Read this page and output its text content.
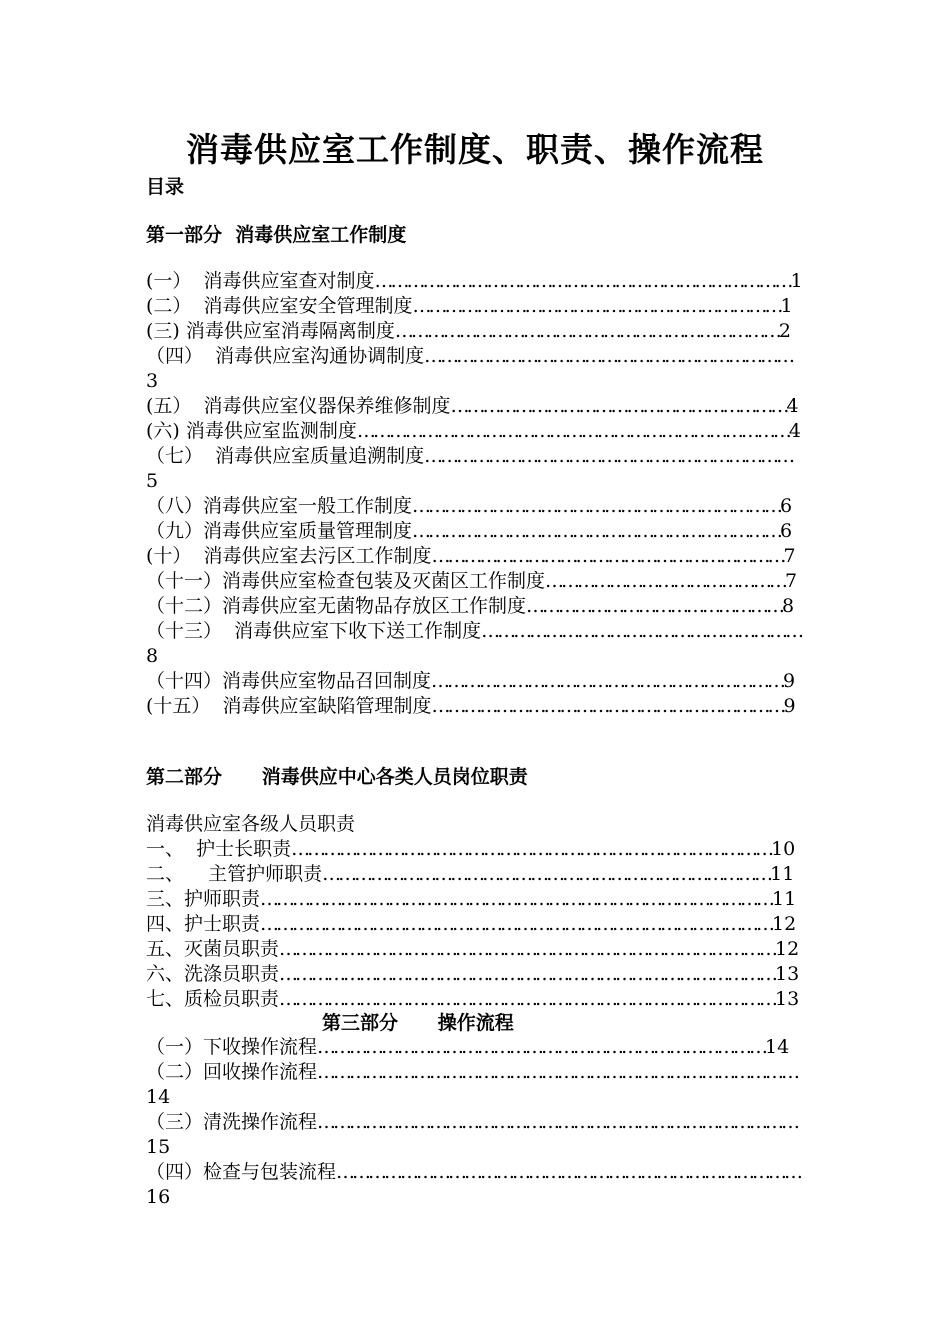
消毒供应室工作制度、职责、操作流程
目录
第一部分  消毒供应室工作制度
(一）  消毒供应室查对制度……………………………………………………………………1
(二）  消毒供应室安全管理制度……………………………………………………………1
(三) 消毒供应室消毒隔离制度………………………………………………………………2
（四）  消毒供应室沟通协调制度……………………………………………………………
3
(五）  消毒供应室仪器保养维修制度………………………………………………………4
(六) 消毒供应室监测制度………………………………………………………………………4
（七）  消毒供应室质量追溯制度……………………………………………………………
5
（八）消毒供应室一般工作制度……………………………………………………………6
（九）消毒供应室质量管理制度……………………………………………………………6
(十）  消毒供应室去污区工作制度…………………………………………………………7
（十一）消毒供应室检查包装及灭菌区工作制度………………………………………7
（十二）消毒供应室无菌物品存放区工作制度…………………………………………8
（十三）  消毒供应室下收下送工作制度……………………………………………………
8
（十四）消毒供应室物品召回制度…………………………………………………………9
(十五）  消毒供应室缺陷管理制度…………………………………………………………9
第二部分      消毒供应中心各类人员岗位职责
消毒供应室各级人员职责
一、  护士长职责………………………………………………………………………………10
二、    主管护师职责…………………………………………………………………………11
三、护师职责……………………………………………………………………………………11
四、护士职责……………………………………………………………………………………12
五、灭菌员职责…………………………………………………………………………………12
六、洗涤员职责…………………………………………………………………………………13
七、质检员职责…………………………………………………………………………………13
第三部分      操作流程
（一）下收操作流程…………………………………………………………………………14
（二）回收操作流程………………………………………………………………………………
14
（三）清洗操作流程………………………………………………………………………………
15
（四）检查与包装流程……………………………………………………………………………
16
